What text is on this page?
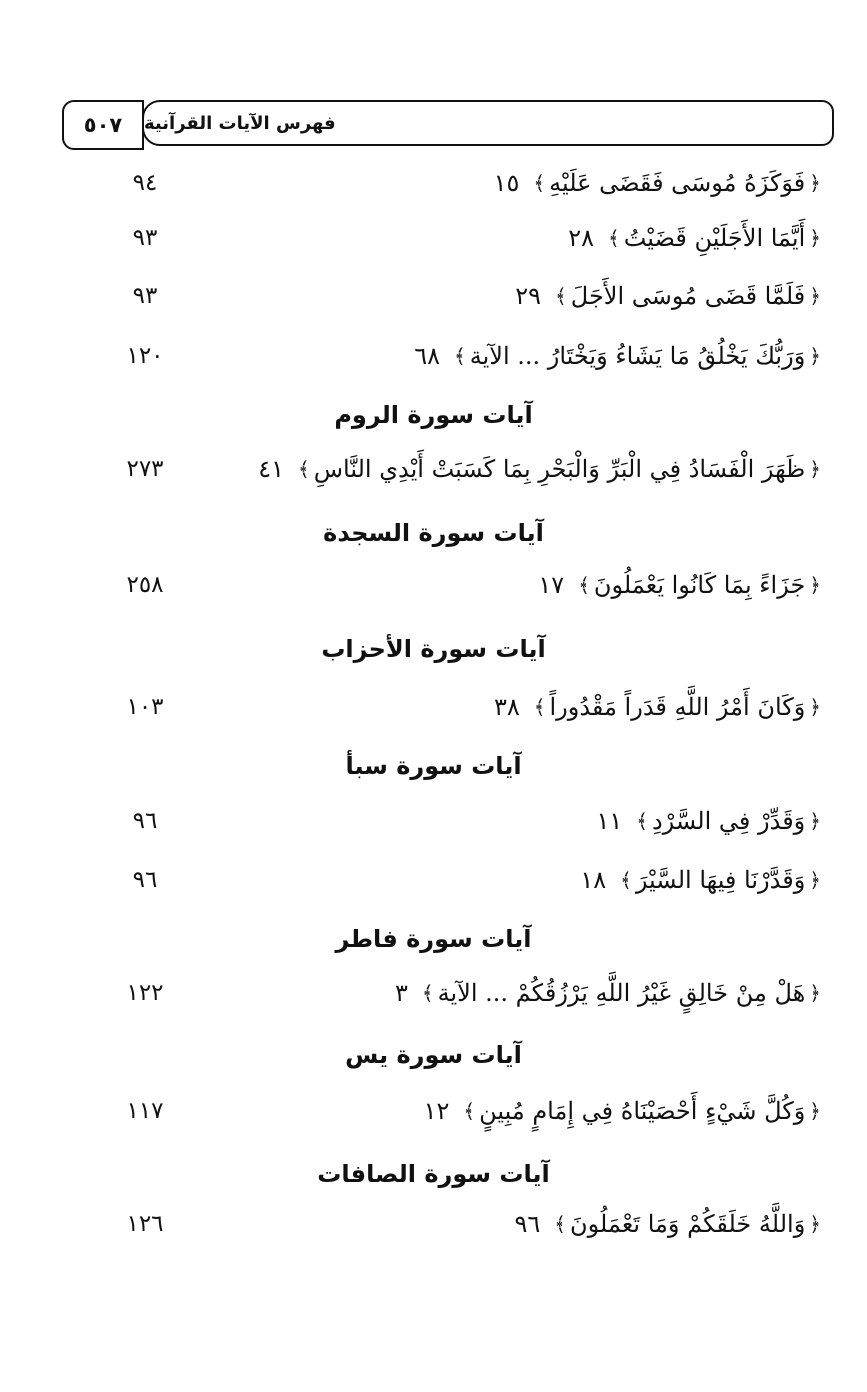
٥٠٧	فهرس الآيات القرآنية
﴿
فَوَكَزَهُ مُوسَى فَقَضَى عَلَيْهِ
﴾
١٥
٩٤
﴿
أَيَّمَا الأَجَلَيْنِ قَضَيْتُ
﴾
٢٨
٩٣
﴿
فَلَمَّا قَضَى مُوسَى الأَجَلَ
﴾
٢٩
٩٣
﴿
وَرَبُّكَ يَخْلُقُ مَا يَشَاءُ وَيَخْتَارُ ... الآية
﴾
٦٨
١٢٠
آيات سورة الروم
﴿
ظَهَرَ الْفَسَادُ فِي الْبَرِّ وَالْبَحْرِ بِمَا كَسَبَتْ أَيْدِي النَّاسِ
﴾
٤١
٢٧٣
آيات سورة السجدة
﴿
جَزَاءً بِمَا كَانُوا يَعْمَلُونَ
﴾
١٧
٢٥٨
آيات سورة الأحزاب
﴿
وَكَانَ أَمْرُ اللَّهِ قَدَراً مَقْدُوراً
﴾
٣٨
١٠٣
آيات سورة سبأ
﴿
وَقَدِّرْ فِي السَّرْدِ
﴾
١١
٩٦
﴿
وَقَدَّرْنَا فِيهَا السَّيْرَ
﴾
١٨
٩٦
آيات سورة فاطر
﴿
هَلْ مِنْ خَالِقٍ غَيْرُ اللَّهِ يَرْزُقُكُمْ ... الآية
﴾
٣
١٢٢
آيات سورة يس
﴿
وَكُلَّ شَيْءٍ أَحْصَيْنَاهُ فِي إِمَامٍ مُبِينٍ
﴾
١٢
١١٧
آيات سورة الصافات
﴿
وَاللَّهُ خَلَقَكُمْ وَمَا تَعْمَلُونَ
﴾
٩٦
١٢٦
